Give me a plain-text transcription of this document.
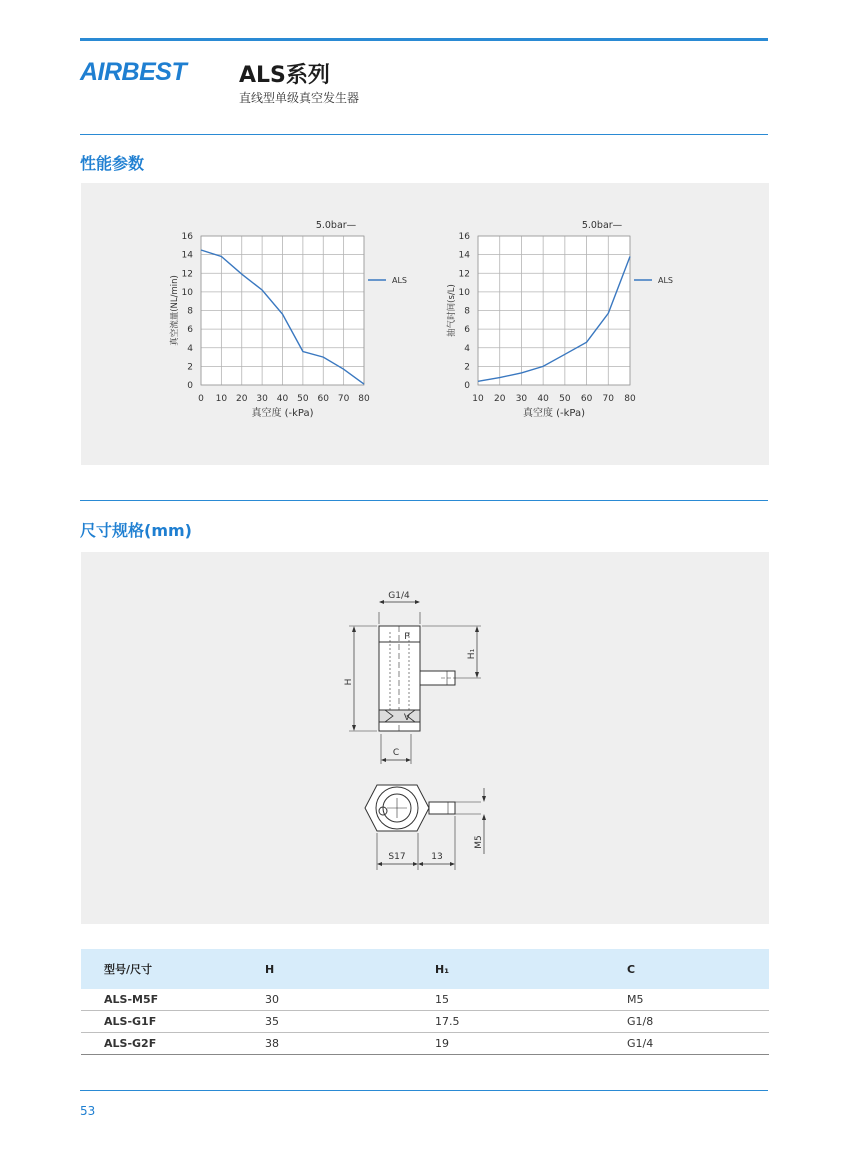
AIRBEST ALS系列
直线型单级真空发生器
性能参数
0
2
4
6
8
10
12
14
16
0 10 20 30 40 50 60 70 80
ALS
5.0bar—
真空度 (-kPa)
真空流量(NL/min)
0
2
4
6
8
10
12
14
16
10 20 30 40 50 60 70 80
ALS
5.0bar—
真空度 (-kPa)
抽气时间(s/L)
尺寸规格(mm)
G1/4
P
V
C
S17	13
H
H₁
M5
型号/尺寸	H	H₁	C
ALS-M5F	30	15	M5
ALS-G1F	35	17.5	G1/8
ALS-G2F	38	19	G1/4
53
